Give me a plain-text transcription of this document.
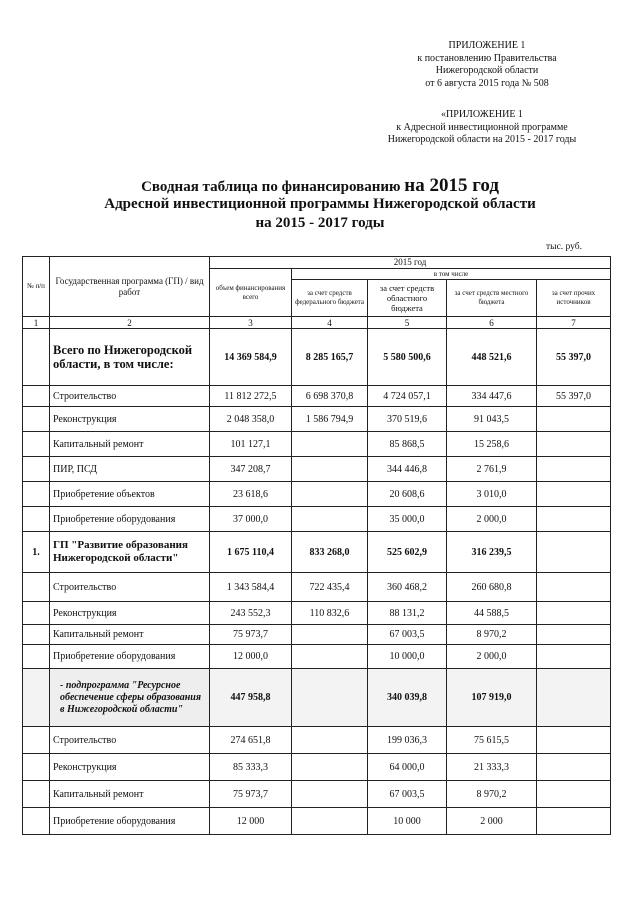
ПРИЛОЖЕНИЕ 1
к постановлению Правительства
Нижегородской области
от 6 августа 2015 года № 508
«ПРИЛОЖЕНИЕ 1
к Адресной инвестиционной программе
Нижегородской области на 2015 - 2017 годы
Сводная таблица по финансированию на 2015 год
Адресной инвестиционной программы Нижегородской области
на 2015 - 2017 годы
тыс. руб.
№ п/п	Государственная программа (ГП) / вид работ	2015 год				
		объем финансирования всего	в том числе			
			за счет средств федерального бюджета	за счет средств областного бюджета	за счет средств местного бюджета	за счет прочих источников
1	2	3	4	5	6	7
	Всего по Нижегородской области, в том числе:	14 369 584,9	8 285 165,7	5 580 500,6	448 521,6	55 397,0
	Строительство	11 812 272,5	6 698 370,8	4 724 057,1	334 447,6	55 397,0
	Реконструкция	2 048 358,0	1 586 794,9	370 519,6	91 043,5	
	Капитальный ремонт	101 127,1		85 868,5	15 258,6	
	ПИР, ПСД	347 208,7		344 446,8	2 761,9	
	Приобретение объектов	23 618,6		20 608,6	3 010,0	
	Приобретение оборудования	37 000,0		35 000,0	2 000,0	
1.	ГП "Развитие образования Нижегородской области"	1 675 110,4	833 268,0	525 602,9	316 239,5	
	Строительство	1 343 584,4	722 435,4	360 468,2	260 680,8	
	Реконструкция	243 552,3	110 832,6	88 131,2	44 588,5	
	Капитальный ремонт	75 973,7		67 003,5	8 970,2	
	Приобретение оборудования	12 000,0		10 000,0	2 000,0	
	- подпрограмма "Ресурсное обеспечение сферы образования в Нижегородской области"	447 958,8		340 039,8	107 919,0	
	Строительство	274 651,8		199 036,3	75 615,5	
	Реконструкция	85 333,3		64 000,0	21 333,3	
	Капитальный ремонт	75 973,7		67 003,5	8 970,2	
	Приобретение оборудования	12 000		10 000	2 000	
